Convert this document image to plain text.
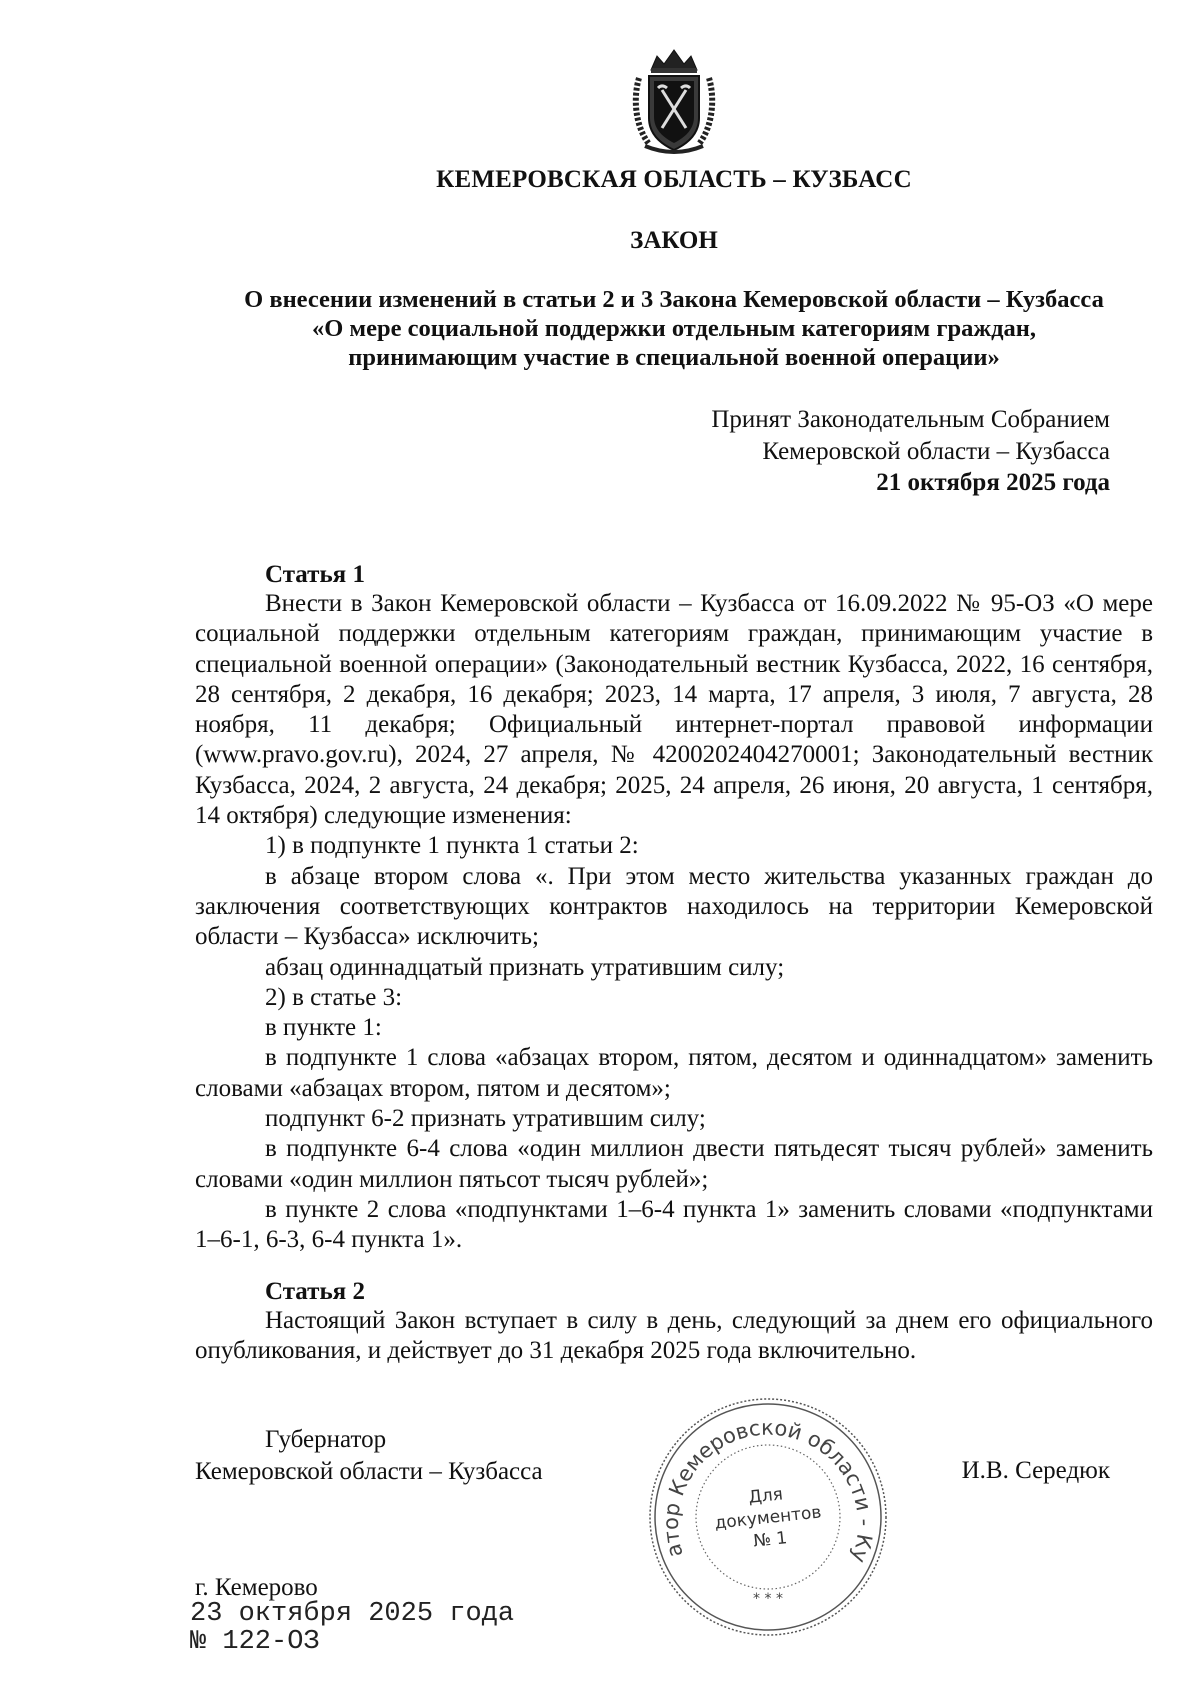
КЕМЕРОВСКАЯ ОБЛАСТЬ – КУЗБАСС
ЗАКОН
О внесении изменений в статьи 2 и 3 Закона Кемеровской области – Кузбасса
«О мере социальной поддержки отдельным категориям граждан,
принимающим участие в специальной военной операции»
Принят Законодательным Собранием
Кемеровской области – Кузбасса
21 октября 2025 года
Статья 1

Внести в Закон Кемеровской области – Кузбасса от 16.09.2022 № 95-ОЗ «О мере социальной поддержки отдельным категориям граждан, принимающим участие в специальной военной операции» (Законодательный вестник Кузбасса, 2022, 16 сентября, 28 сентября, 2 декабря, 16 декабря; 2023, 14 марта, 17 апреля, 3 июля, 7 августа, 28 ноября, 11 декабря; Официальный интернет-портал правовой информации (www.pravo.gov.ru), 2024, 27 апреля, № 4200202404270001; Законодательный вестник Кузбасса, 2024, 2 августа, 24 декабря; 2025, 24 апреля, 26 июня, 20 августа, 1 сентября, 14 октября) следующие изменения:

1) в подпункте 1 пункта 1 статьи 2:

в абзаце втором слова «. При этом место жительства указанных граждан до заключения соответствующих контрактов находилось на территории Кемеровской области – Кузбасса» исключить;

абзац одиннадцатый признать утратившим силу;

2) в статье 3:

в пункте 1:

в подпункте 1 слова «абзацах втором, пятом, десятом и одиннадцатом» заменить словами «абзацах втором, пятом и десятом»;

подпункт 6-2 признать утратившим силу;

в подпункте 6-4 слова «один миллион двести пятьдесят тысяч рублей» заменить словами «один миллион пятьсот тысяч рублей»;

в пункте 2 слова «подпунктами 1–6-4 пункта 1» заменить словами «подпунктами 1–6-1, 6-3, 6-4 пункта 1».

Статья 2

Настоящий Закон вступает в силу в день, следующий за днем его официального опубликования, и действует до 31 декабря 2025 года включительно.

Губернатор
Кемеровской области – Кузбасса	И.В. Середюк
атор Кемеровской области - Ку
* * *
Для
документов
№ 1
г. Кемерово
23 октября 2025 года
№ 122-ОЗ
